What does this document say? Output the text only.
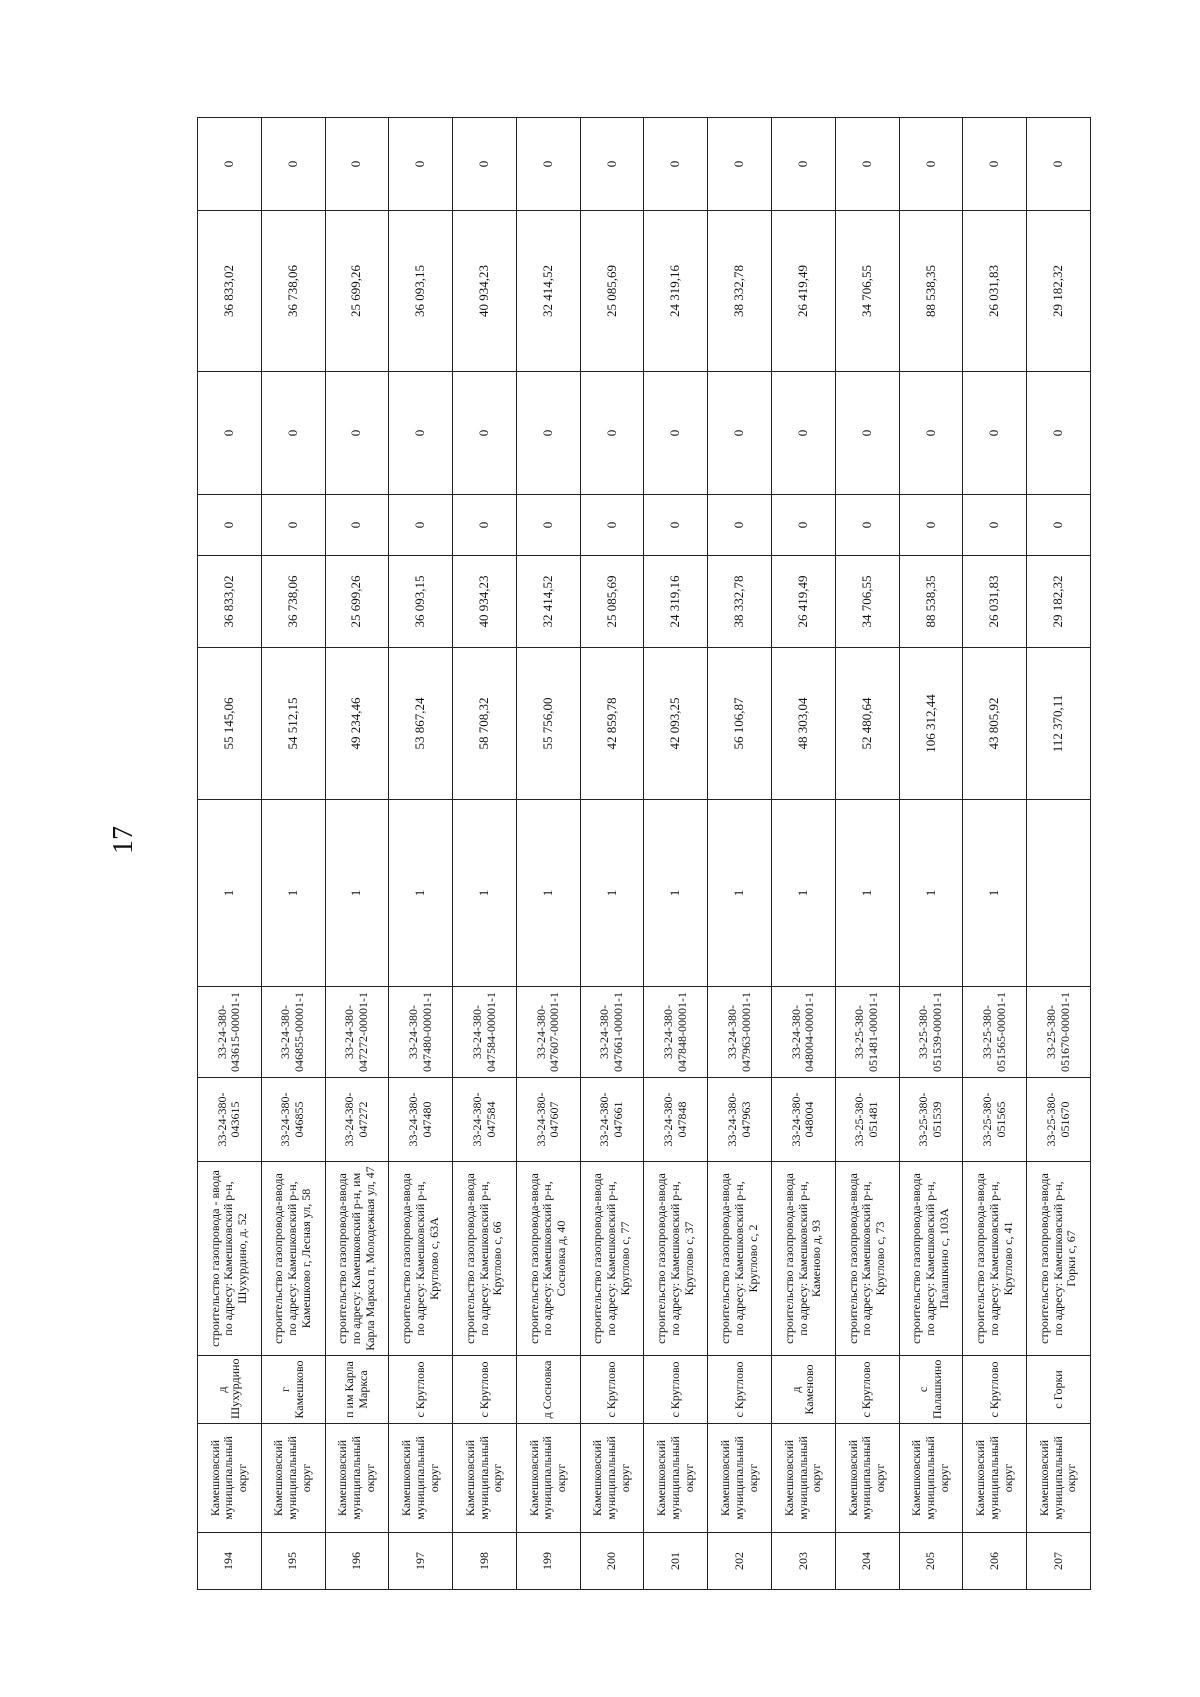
17
194	Камешковский муниципальный округ	д Шухурдино	строительство газопровода - ввода по адресу: Камешковский р-н, Шухурдино, д. 52	33-24-380-043615	33-24-380-043615-00001-1	1	55 145,06	36 833,02	0	0	36 833,02	0
195	Камешковский муниципальный округ	г Камешково	строительство газопровода-ввода по адресу: Камешковский р-н, Камешково г, Лесная ул, 58	33-24-380-046855	33-24-380-046855-00001-1	1	54 512,15	36 738,06	0	0	36 738,06	0
196	Камешковский муниципальный округ	п им Карла Маркса	строительство газопровода-ввода по адресу: Камешковский р-н, им Карла Маркса п, Молодежная ул, 47	33-24-380-047272	33-24-380-047272-00001-1	1	49 234,46	25 699,26	0	0	25 699,26	0
197	Камешковский муниципальный округ	с Круглово	строительство газопровода-ввода по адресу: Камешковский р-н, Круглово с, 63А	33-24-380-047480	33-24-380-047480-00001-1	1	53 867,24	36 093,15	0	0	36 093,15	0
198	Камешковский муниципальный округ	с Круглово	строительство газопровода-ввода по адресу: Камешковский р-н, Круглово с, 66	33-24-380-047584	33-24-380-047584-00001-1	1	58 708,32	40 934,23	0	0	40 934,23	0
199	Камешковский муниципальный округ	д Сосновка	строительство газопровода-ввода по адресу: Камешковский р-н, Сосновка д, 40	33-24-380-047607	33-24-380-047607-00001-1	1	55 756,00	32 414,52	0	0	32 414,52	0
200	Камешковский муниципальный округ	с Круглово	строительство газопровода-ввода по адресу: Камешковский р-н, Круглово с, 77	33-24-380-047661	33-24-380-047661-00001-1	1	42 859,78	25 085,69	0	0	25 085,69	0
201	Камешковский муниципальный округ	с Круглово	строительство газопровода-ввода по адресу: Камешковский р-н, Круглово с, 37	33-24-380-047848	33-24-380-047848-00001-1	1	42 093,25	24 319,16	0	0	24 319,16	0
202	Камешковский муниципальный округ	с Круглово	строительство газопровода-ввода по адресу: Камешковский р-н, Круглово с, 2	33-24-380-047963	33-24-380-047963-00001-1	1	56 106,87	38 332,78	0	0	38 332,78	0
203	Камешковский муниципальный округ	д Каменово	строительство газопровода-ввода по адресу: Камешковский р-н, Каменово д, 93	33-24-380-048004	33-24-380-048004-00001-1	1	48 303,04	26 419,49	0	0	26 419,49	0
204	Камешковский муниципальный округ	с Круглово	строительство газопровода-ввода по адресу: Камешковский р-н, Круглово с, 73	33-25-380-051481	33-25-380-051481-00001-1	1	52 480,64	34 706,55	0	0	34 706,55	0
205	Камешковский муниципальный округ	с Палашкино	строительство газопровода-ввода по адресу: Камешковский р-н, Палашкино с, 103А	33-25-380-051539	33-25-380-051539-00001-1	1	106 312,44	88 538,35	0	0	88 538,35	0
206	Камешковский муниципальный округ	с Круглово	строительство газопровода-ввода по адресу: Камешковский р-н, Круглово с, 41	33-25-380-051565	33-25-380-051565-00001-1	1	43 805,92	26 031,83	0	0	26 031,83	0
207	Камешковский муниципальный округ	с Горки	строительство газопровода-ввода по адресу: Камешковский р-н, Горки с, 67	33-25-380-051670	33-25-380-051670-00001-1		112 370,11	29 182,32	0	0	29 182,32	0
